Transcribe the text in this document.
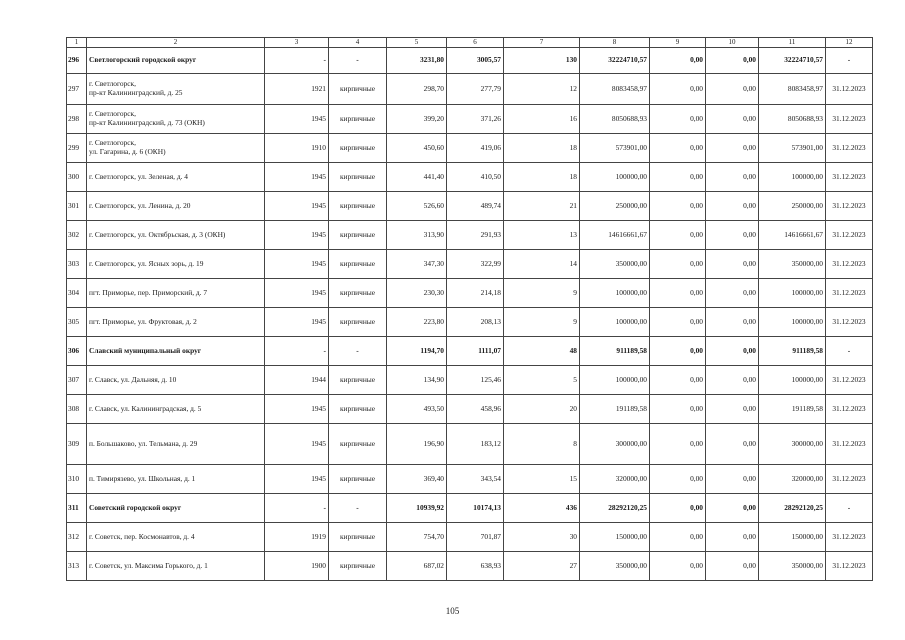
1	2	3	4	5	6	7	8	9	10	11	12
296	Светлогорский городской округ	-	-	3231,80	3005,57	130	32224710,57	0,00	0,00	32224710,57	-
297	г. Светлогорск,
пр-кт Калининградский, д. 25	1921	кирпичные	298,70	277,79	12	8083458,97	0,00	0,00	8083458,97	31.12.2023
298	г. Светлогорск,
пр-кт Калининградский, д. 73 (ОКН)	1945	кирпичные	399,20	371,26	16	8050688,93	0,00	0,00	8050688,93	31.12.2023
299	г. Светлогорск,
ул. Гагарина, д. 6 (ОКН)	1910	кирпичные	450,60	419,06	18	573901,00	0,00	0,00	573901,00	31.12.2023
300	г. Светлогорск, ул. Зеленая, д. 4	1945	кирпичные	441,40	410,50	18	100000,00	0,00	0,00	100000,00	31.12.2023
301	г. Светлогорск, ул. Ленина, д. 20	1945	кирпичные	526,60	489,74	21	250000,00	0,00	0,00	250000,00	31.12.2023
302	г. Светлогорск, ул. Октябрьская, д. 3 (ОКН)	1945	кирпичные	313,90	291,93	13	14616661,67	0,00	0,00	14616661,67	31.12.2023
303	г. Светлогорск, ул. Ясных зорь, д. 19	1945	кирпичные	347,30	322,99	14	350000,00	0,00	0,00	350000,00	31.12.2023
304	пгт. Приморье, пер. Приморский, д. 7	1945	кирпичные	230,30	214,18	9	100000,00	0,00	0,00	100000,00	31.12.2023
305	пгт. Приморье, ул. Фруктовая, д. 2	1945	кирпичные	223,80	208,13	9	100000,00	0,00	0,00	100000,00	31.12.2023
306	Славский муниципальный округ	-	-	1194,70	1111,07	48	911189,58	0,00	0,00	911189,58	-
307	г. Славск, ул. Дальняя, д. 10	1944	кирпичные	134,90	125,46	5	100000,00	0,00	0,00	100000,00	31.12.2023
308	г. Славск, ул. Калининградская, д. 5	1945	кирпичные	493,50	458,96	20	191189,58	0,00	0,00	191189,58	31.12.2023
309	п. Большаково, ул. Тельмана, д. 29	1945	кирпичные	196,90	183,12	8	300000,00	0,00	0,00	300000,00	31.12.2023
310	п. Тимирязево, ул. Школьная, д. 1	1945	кирпичные	369,40	343,54	15	320000,00	0,00	0,00	320000,00	31.12.2023
311	Советский городской округ	-	-	10939,92	10174,13	436	28292120,25	0,00	0,00	28292120,25	-
312	г. Советск, пер. Космонавтов, д. 4	1919	кирпичные	754,70	701,87	30	150000,00	0,00	0,00	150000,00	31.12.2023
313	г. Советск, ул. Максима Горького, д. 1	1900	кирпичные	687,02	638,93	27	350000,00	0,00	0,00	350000,00	31.12.2023
105
